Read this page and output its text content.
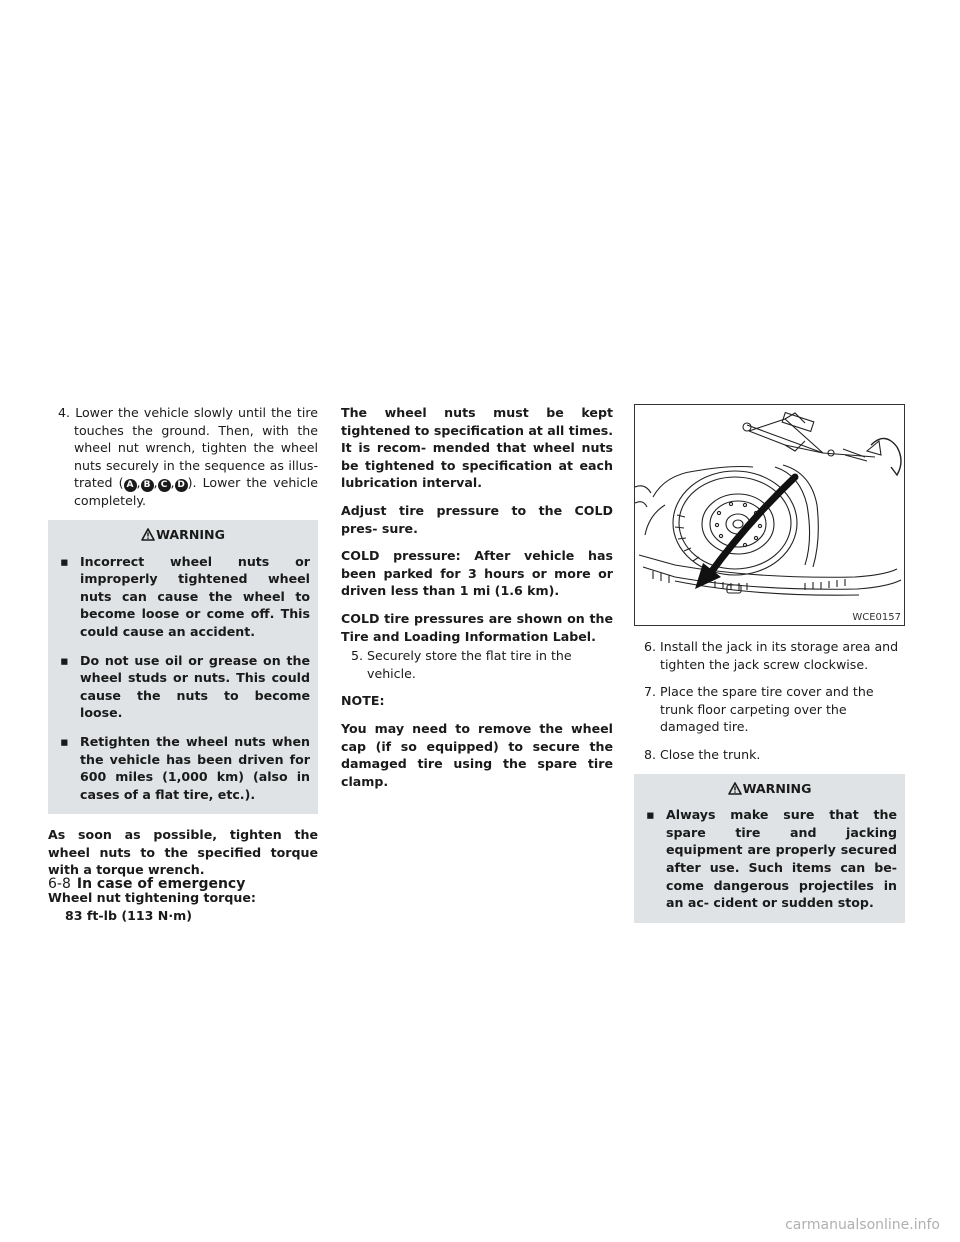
4. Lower the vehicle slowly until the tire touches the ground. Then, with the wheel nut wrench, tighten the wheel nuts securely in the sequence as illus- trated ( A , B , C , D ). Lower the vehicle completely.

WARNING
▪ Incorrect wheel nuts or improperly tightened wheel nuts can cause the wheel to become loose or come off. This could cause an accident.
▪ Do not use oil or grease on the wheel studs or nuts. This could cause the nuts to become loose.
▪ Retighten the wheel nuts when the vehicle has been driven for 600 miles (1,000 km) (also in cases of a flat tire, etc.).

As soon as possible, tighten the wheel nuts to the specified torque with a torque wrench.

Wheel nut tightening torque:

83 ft-lb (113 N·m)

The wheel nuts must be kept tightened to specification at all times. It is recom- mended that wheel nuts be tightened to specification at each lubrication interval.

Adjust tire pressure to the COLD pres- sure.

COLD pressure: After vehicle has been parked for 3 hours or more or driven less than 1 mi (1.6 km).

COLD tire pressures are shown on the Tire and Loading Information Label.

5. Securely store the flat tire in the vehicle.

NOTE:

You may need to remove the wheel cap (if so equipped) to secure the damaged tire using the spare tire clamp.

WCE0157

6. Install the jack in its storage area and tighten the jack screw clockwise.

7. Place the spare tire cover and the trunk floor carpeting over the damaged tire.

8. Close the trunk.

WARNING
▪ Always make sure that the spare tire and jacking equipment are properly secured after use. Such items can be- come dangerous projectiles in an ac- cident or sudden stop.
6-8 In case of emergency
carmanualsonline.info
